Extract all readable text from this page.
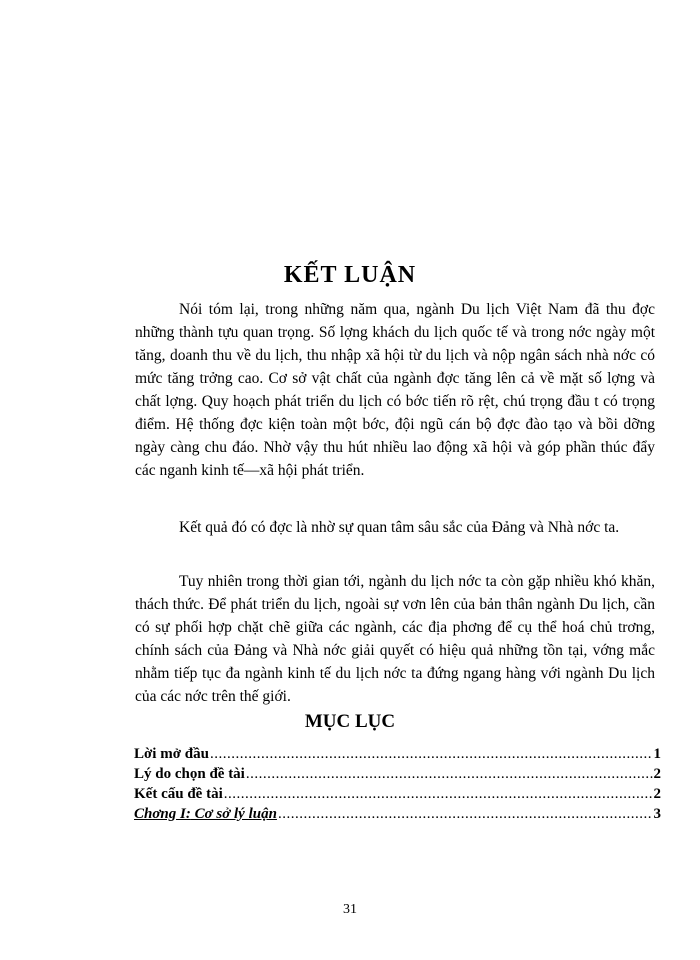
KẾT LUẬN

Nói tóm lại, trong những năm qua, ngành Du lịch Việt Nam đã thu đợc những thành tựu quan trọng. Số lợng khách du lịch quốc tế và trong nớc ngày một tăng, doanh thu về du lịch, thu nhập xã hội từ du lịch và nộp ngân sách nhà nớc có mức tăng trởng cao. Cơ sở vật chất của ngành đợc tăng lên cả về mặt số lợng và chất lợng. Quy hoạch phát triển du lịch có bớc tiến rõ rệt, chú trọng đầu t có trọng điểm. Hệ thống đợc kiện toàn một bớc, đội ngũ cán bộ đợc đào tạo và bồi dỡng ngày càng chu đáo. Nhờ vậy thu hút nhiều lao động xã hội và góp phần thúc đẩy các nganh kinh tế—xã hội phát triển.

Kết quả đó có đợc là nhờ sự quan tâm sâu sắc của Đảng và Nhà nớc ta.

Tuy nhiên trong thời gian tới, ngành du lịch nớc ta còn gặp nhiều khó khăn, thách thức. Để phát triển du lịch, ngoài sự vơn lên của bản thân ngành Du lịch, cần có sự phối hợp chặt chẽ giữa các ngành, các địa phơng để cụ thể hoá chủ trơng, chính sách của Đảng và Nhà nớc giải quyết có hiệu quả những tồn tại, vớng mắc nhằm tiếp tục đa ngành kinh tế du lịch nớc ta đứng ngang hàng với ngành Du lịch của các nớc trên thế giới.

MỤC LỤC
Lời mở đầu .....	1
Lý do chọn đề tài .....	2
Kết cấu đề tài .....	2
Chơng I: Cơ sở lý luận .....	3
31
